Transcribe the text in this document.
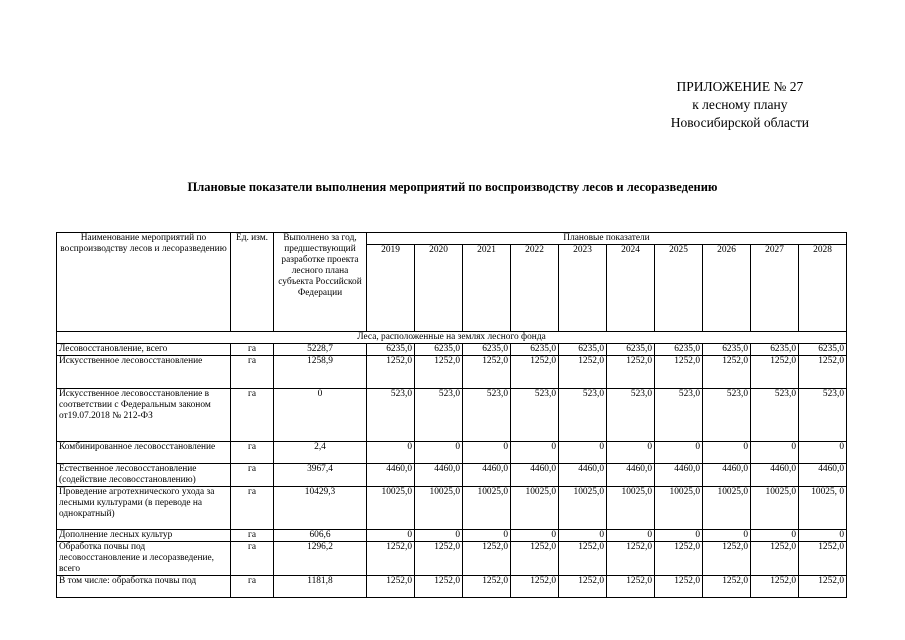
ПРИЛОЖЕНИЕ № 27
к лесному плану
Новосибирской области
Плановые показатели выполнения мероприятий по воспроизводству лесов и лесоразведению
Наименование мероприятий по воспроизводству лесов и лесоразведению	Ед. изм.	Выполнено за год, предшествующий разработке проекта лесного плана субъекта Российской Федерации	Плановые показатели									
			2019	2020	2021	2022	2023	2024	2025	2026	2027	2028
Леса, расположенные на землях лесного фонда												
Лесовосстановление, всего	га	5228,7	6235,0	6235,0	6235,0	6235,0	6235,0	6235,0	6235,0	6235,0	6235,0	6235,0
Искусственное лесовосстановление	га	1258,9	1252,0	1252,0	1252,0	1252,0	1252,0	1252,0	1252,0	1252,0	1252,0	1252,0
Искусственное лесовосстановление в соответствии с Федеральным законом от19.07.2018 № 212-ФЗ	га	0	523,0	523,0	523,0	523,0	523,0	523,0	523,0	523,0	523,0	523,0
Комбинированное лесовосстановление	га	2,4	0	0	0	0	0	0	0	0	0	0
Естественное лесовосстановление (содействие лесовосстановлению)	га	3967,4	4460,0	4460,0	4460,0	4460,0	4460,0	4460,0	4460,0	4460,0	4460,0	4460,0
Проведение агротехнического ухода за лесными культурами (в переводе на однократный)	га	10429,3	10025,0	10025,0	10025,0	10025,0	10025,0	10025,0	10025,0	10025,0	10025,0	10025, 0
Дополнение лесных культур	га	606,6	0	0	0	0	0	0	0	0	0	0
Обработка почвы под лесовосстановление и лесоразведение, всего	га	1296,2	1252,0	1252,0	1252,0	1252,0	1252,0	1252,0	1252,0	1252,0	1252,0	1252,0
В том числе: обработка почвы под	га	1181,8	1252,0	1252,0	1252,0	1252,0	1252,0	1252,0	1252,0	1252,0	1252,0	1252,0
